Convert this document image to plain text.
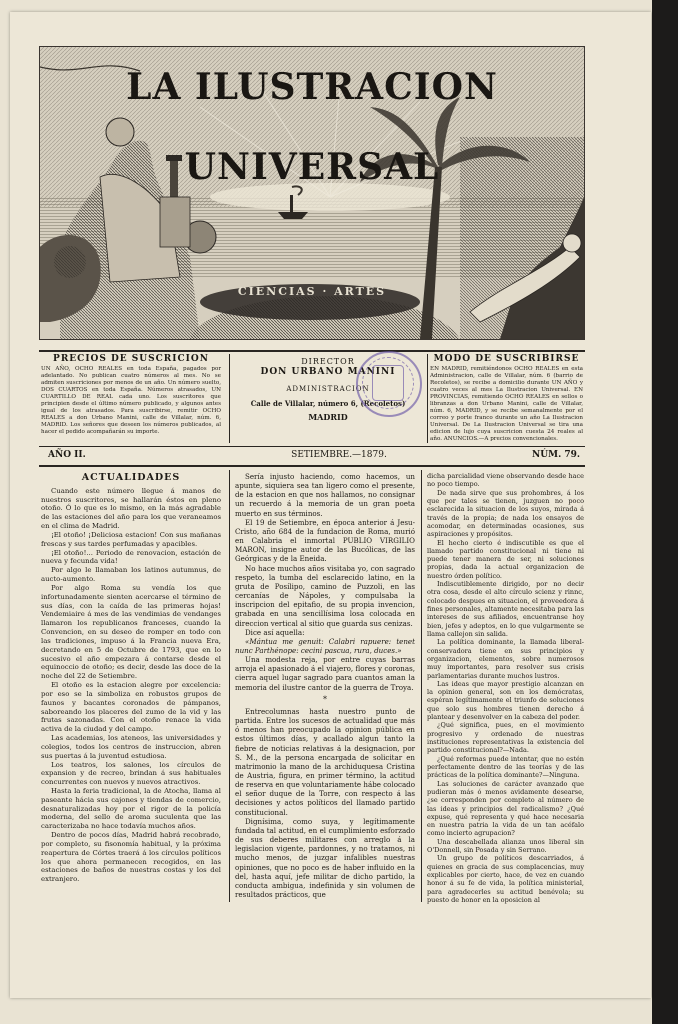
LA ILUSTRACION UNIVERSAL
CIENCIAS · ARTES
PRECIOS DE SUSCRICION
UN AÑO, OCHO REALES en toda España, pagados por adelantado. No publican cuatro números al mes. No se admiten suscriciones por menos de un año. Un número suelto, DOS CUARTOS en toda España. Números atrasados, UN CUARTILLO DE REAL cada uno. Los suscritores que principien desde el último número publicado, y algunos antes igual de los atrasados. Para suscribirse, remitir OCHO REALES a don Urbano Manini, calle de Villalar, núm. 6, MADRID. Los señores que deseen los números publicados, al hacer el pedido acompañarán su importe.
DIRECTOR
DON URBANO MANINI
ADMINISTRACION
Calle de Villalar, número 6, (Recoletos)
MADRID
MODO DE SUSCRIBIRSE
EN MADRID, remitiéndonos OCHO REALES en esta Administracion, calle de Villalar, núm. 6 (barrio de Recoletos), se recibe a domicilio durante UN AÑO y cuatro veces al mes La Ilustracion Universal. EN PROVINCIAS, remitiendo OCHO REALES en sellos o libranzas a don Urbano Manini, calle de Villalar, núm. 6, MADRID, y se recibe semanalmente por el correo y porte franco durante un año La Ilustracion Universal. De La Ilustracion Universal se tira una edicion de lujo cuya suscricion cuesta 24 reales al año. ANUNCIOS.—A precios convencionales.
AÑO II.	SETIEMBRE.—1879.	NÚM. 79.
ACTUALIDADES

Cuando este número llegue á manos de nuestros suscritores, se hallarán éstos en pleno otoño. Ó lo que es lo mismo, en la más agradable de las estaciones del año para los que veraneamos en el clima de Madrid.

¡El otoño! ¡Deliciosa estacion! Con sus mañanas frescas y sus tardes perfumadas y apacibles.

¡El otoño!... Periodo de renovacion, estación de nueva y fecunda vida!

Por algo le llamaban los latinos autumnus, de aucto-aumento.

Por algo Roma su vendía los que infortunadamente sienten acercarse el término de sus días, con la caída de las primeras hojas! Vendemiaire á mes de las vendimias de vendanges llamaron los republicanos franceses, cuando la Convencion, en su deseo de romper en todo con las tradiciones, impuso á la Francia nueva Era, decretando en 5 de Octubre de 1793, que en lo sucesivo el año empezara á contarse desde el equinoccio de otoño; es decir, desde las doce de la noche del 22 de Setiembre.

El otoño es la estacion alegre por excelencia: por eso se la simboliza en robustos grupos de faunos y bacantes coronados de pámpanos, saboreando los placeres del zumo de la vid y las frutas sazonadas. Con el otoño renace la vida activa de la ciudad y del campo.

Las academias, los ateneos, las universidades y colegios, todos los centros de instruccion, abren sus puertas á la juventud estudiosa.

Los teatros, los salones, los círculos de expansion y de recreo, brindan á sus habituales concurrentes con nuevos y nuevos atractivos.

Hasta la feria tradicional, la de Atocha, llama al paseante hácia sus cajones y tiendas de comercio, desnaturalizadas hoy por el rigor de la policía moderna, del sello de aroma suculenta que las caracterizaba no hace todavía muchos años.

Dentro de pocos días, Madrid habrá recobrado, por completo, su fisonomía habitual, y la próxima reapertura de Córtes traerá á los círculos políticos los que ahora permanecen recogidos, en las estaciones de baños de nuestras costas y los del extranjero.

Sería injusto haciendo, como hacemos, un apunte, siquiera sea tan ligero como el presente, de la estacion en que nos hallamos, no consignar un recuerdo á la memoria de un gran poeta muerto en sus términos.

El 19 de Setiembre, en época anterior á Jesu-Cristo, año 684 de la fundacion de Roma, murió en Calabria el inmortal PUBLIO VIRGILIO MARON, insigne autor de las Bucólicas, de las Geórgicas y de la Eneida.

No hace muchos años visitaba yo, con sagrado respeto, la tumba del esclarecido latino, en la gruta de Posílipo, camino de Puzzoli, en las cercanías de Nápoles, y compulsaba la inscripcion del epitafio, de su propia invencion, grabada en una sencillísima losa colocada en direccion vertical al sitio que guarda sus cenizas.

Dice así aquella:

«Mántua me genuit: Calabri rapuere: tenet nunc Parthénope: cecini pascua, rura, duces.»

Una modesta reja, por entre cuyas barras arroja el apasionado á el viajero, flores y coronas, cierra aquel lugar sagrado para cuantos aman la memoria del ilustre cantor de la guerra de Troya.

*

Entrecolumnas hasta nuestro punto de partida. Entre los sucesos de actualidad que más ó menos han preocupado la opinion pública en estos últimos días, y acallado algun tanto la fiebre de noticias relativas á la designacion, por S. M., de la persona encargada de solicitar en matrimonio la mano de la archiduquesa Cristina de Austria, figura, en primer término, la actitud de reserva en que voluntariamente hábe colocado el señor duque de la Torre, con respecto á las decisiones y actos políticos del llamado partido constitucional.

Dignísima, como suya, y legítimamente fundada tal actitud, en el cumplimiento esforzado de sus deberes militares con arreglo á la legislacion vigente, pardonnes, y no tratamos, ni mucho menos, de juzgar infalibles nuestras opiniones, que no poco es de haber influido en la del, hasta aquí, jefe militar de dicho partido, la conducta ambigua, indefinida y sin volumen de resultados prácticos, que

dicha parcialidad viene observando desde hace no poco tiempo.

De nada sirve que sus prohombres, á los que por tales se tienen, juzguen no poco esclarecida la situacion de los suyos, mirada á través de la propia; de nada los ensayos de acomodar, en determinadas ocasiones, sus aspiraciones y propósitos.

El hecho cierto é indiscutible es que el llamado partido constitucional ni tiene ni puede tener manera de ser, ni soluciones propias, dada la actual organizacion de nuestro órden político.

Indiscutiblemente dirigido, por no decir otra cosa, desde el alto círculo scienz y rinnc, colocado despues en situacion, el proveedora á fines personales, altamente necesitaba para las intereses de sus afiliados, encuentranse hoy bien, jefes y adeptos, en lo que vulgarmente se llama callejon sin salida.

La política dominante, la llamada liberal-conservadora tiene en sus principios y organizacion, elementos, sobre numerosos muy importantes, para resolver sus crisis parlamentarias durante muchos lustros.

Las ideas que mayor prestigio alcanzan en la opinion general, son en los demócratas, espéran legítimamente el triunfo de soluciones que solo sus hombres tienen derecho á plantear y desenvolver en la cabeza del poder.

¿Qué significa, pues, en el movimiento progresivo y ordenado de nuestras instituciones representativas la existencia del partido constitucional?—Nada.

¿Qué reformas puede intentar, que no estén perfectamente dentro de las teorías y de las prácticas de la política dominante?—Ninguna.

Las soluciones de carácter avanzado que pudieran más ó menos avidamente desearse, ¿se corresponden por completo al número de las ideas y principios del radicalismo? ¿Qué expuse, qué representa y qué hace necesaria en nuestra patria la vida de un tan acéfalo como incierto agrupacion?

Una descabellada alianza unos liberal sin O'Donnell, sin Posada y sin Serrano.

Un grupo de políticos descarriados, á quienes en gracia de sus complacencias, muy explicables por cierto, hace, de vez en cuando honor á su fe de vida, la política ministerial, para agradecerles su actitud benévola; su puesto de honor en la oposicion al
